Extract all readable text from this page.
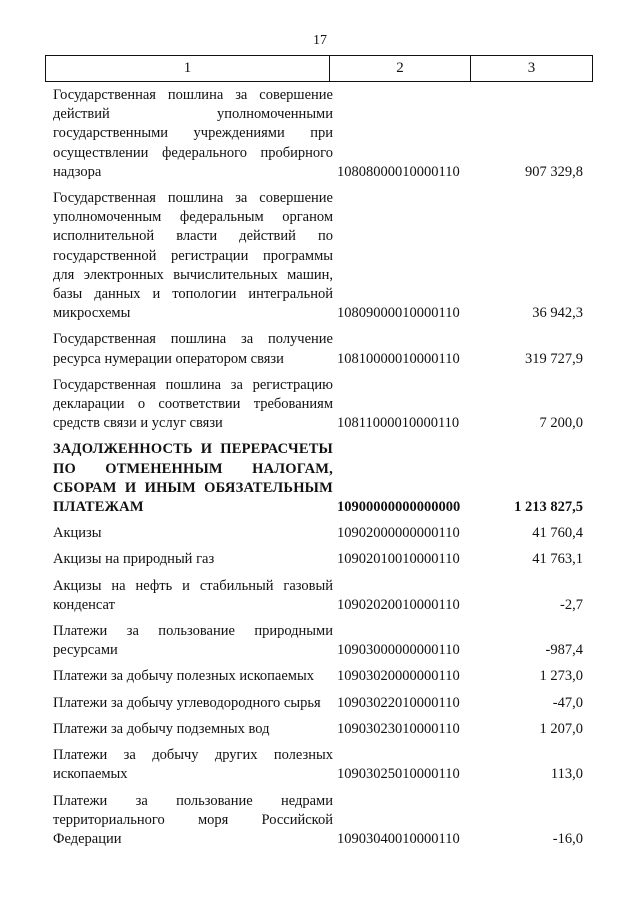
17
1	2	3
Государственная пошлина за совершение действий уполномоченными государственными учреждениями при осуществлении федерального пробирного надзора	10808000010000110	907 329,8
Государственная пошлина за совершение уполномоченным федеральным органом исполнительной власти действий по государственной регистрации программы для электронных вычислительных машин, базы данных и топологии интегральной микросхемы	10809000010000110	36 942,3
Государственная пошлина за получение ресурса нумерации оператором связи	10810000010000110	319 727,9
Государственная пошлина за регистрацию декларации о соответствии требованиям средств связи и услуг связи	10811000010000110	7 200,0
ЗАДОЛЖЕННОСТЬ И ПЕРЕРАСЧЕТЫ ПО ОТМЕНЕННЫМ НАЛОГАМ, СБОРАМ И ИНЫМ ОБЯЗАТЕЛЬНЫМ ПЛАТЕЖАМ	10900000000000000	1 213 827,5
Акцизы	10902000000000110	41 760,4
Акцизы на природный газ	10902010010000110	41 763,1
Акцизы на нефть и стабильный газовый конденсат	10902020010000110	-2,7
Платежи за пользование природными ресурсами	10903000000000110	-987,4
Платежи за добычу полезных ископаемых	10903020000000110	1 273,0
Платежи за добычу углеводородного сырья	10903022010000110	-47,0
Платежи за добычу подземных вод	10903023010000110	1 207,0
Платежи за добычу других полезных ископаемых	10903025010000110	113,0
Платежи за пользование недрами территориального моря Российской Федерации	10903040010000110	-16,0
